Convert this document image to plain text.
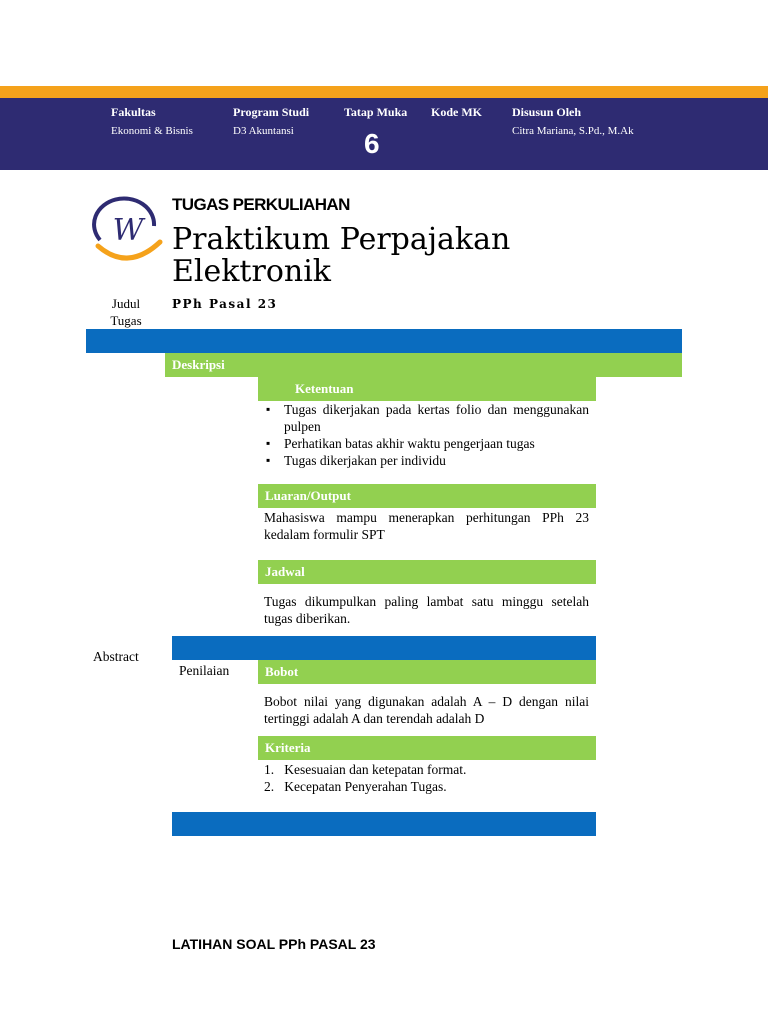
Fakultas
Ekonomi & Bisnis
Program Studi
D3 Akuntansi
Tatap Muka
6
Kode MK	Disusun Oleh
Citra Mariana, S.Pd., M.Ak
W
TUGAS PERKULIAHAN
Praktikum Perpajakan
Elektronik
Judul
Tugas
PPh Pasal 23
Deskripsi
Ketentuan
▪ Tugas dikerjakan pada kertas folio dan menggunakan pulpen
▪ Perhatikan batas akhir waktu pengerjaan tugas
▪ Tugas dikerjakan per individu
Luaran/Output
Mahasiswa mampu menerapkan perhitungan PPh 23 kedalam formulir SPT
Jadwal
Tugas dikumpulkan paling lambat satu minggu setelah tugas diberikan.
Abstract
Penilaian	Bobot
Bobot nilai yang digunakan adalah A – D dengan nilai tertinggi adalah A dan terendah adalah D
Kriteria
1.   Kesesuaian dan ketepatan format.
2.   Kecepatan Penyerahan Tugas.
LATIHAN SOAL PPh PASAL 23
